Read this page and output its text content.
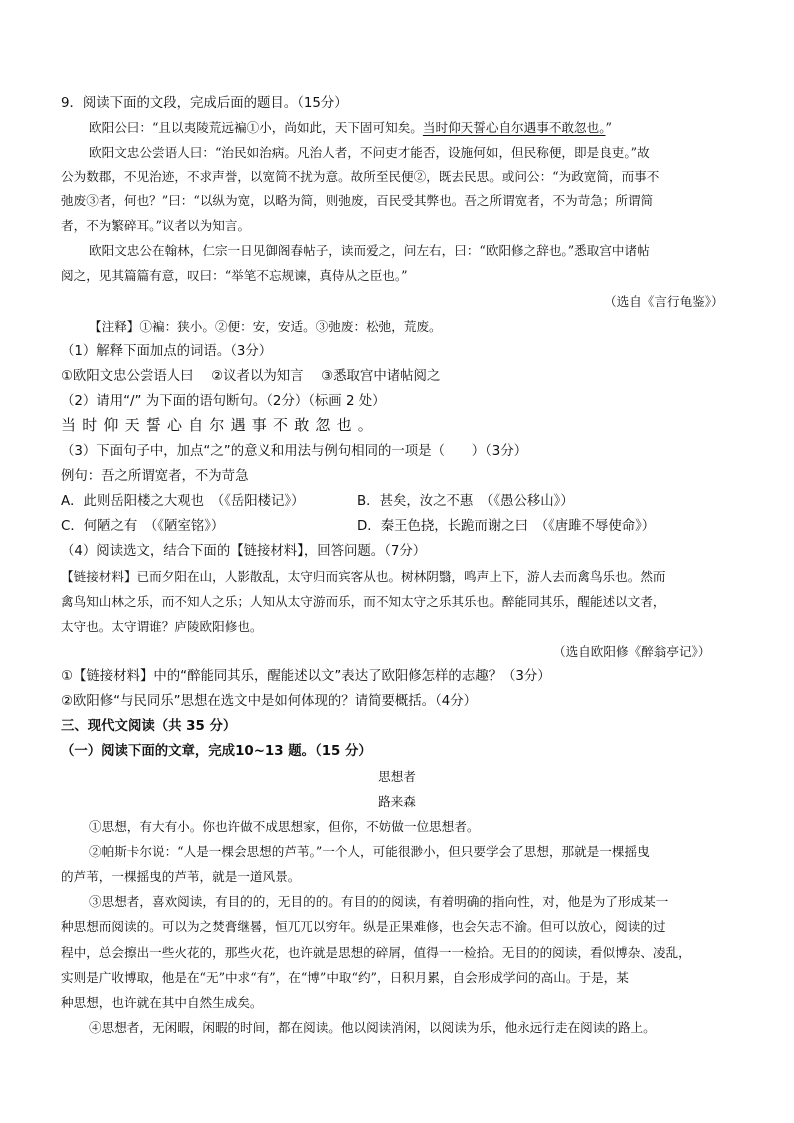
9．阅读下面的文段，完成后面的题目。（15分）
欧阳公曰：“且以夷陵荒远褊①小，尚如此，天下固可知矣。当时仰天誓心自尔遇事不敢忽也。”
欧阳文忠公尝语人曰：“治民如治病。凡治人者，不问吏才能否，设施何如，但民称便，即是良吏。”故
公为数郡，不见治迹，不求声誉，以宽简不扰为意。故所至民便②，既去民思。或问公：“为政宽简，而事不
弛废③者，何也？”曰：“以纵为宽，以略为简，则弛废，百民受其弊也。吾之所谓宽者，不为苛急；所谓简
者，不为繁碎耳。”议者以为知言。
欧阳文忠公在翰林，仁宗一日见御阁春帖子，读而爱之，问左右，曰：“欧阳修之辞也。”悉取宫中诸帖
阅之，见其篇篇有意，叹曰：“举笔不忘规谏，真侍从之臣也。”
（选自《言行龟鉴》）
【注释】①褊：狭小。②便：安，安适。③弛废：松弛，荒废。
（1）解释下面加点的词语。（3分）
①欧阳文忠公尝语人曰　 ②议者以为知言　 ③悉取宫中诸帖阅之
（2）请用“/” 为下面的语句断句。（2分）（标画 2 处）
当时仰天誓心自尔遇事不敢忽也。
（3）下面句子中，加点“之”的意义和用法与例句相同的一项是（　　）（3分）
例句：吾之所谓宽者，不为苛急
A．此则岳阳楼之大观也　（《岳阳楼记》）	B．甚矣，汝之不惠　（《愚公移山》）
C．何陋之有　（《陋室铭》）	D．秦王色挠，长跪而谢之曰　（《唐雎不辱使命》）
（4）阅读选文，结合下面的【链接材料】，回答问题。（7分）
【链接材料】已而夕阳在山，人影散乱，太守归而宾客从也。树林阴翳，鸣声上下，游人去而禽鸟乐也。然而
禽鸟知山林之乐，而不知人之乐；人知从太守游而乐，而不知太守之乐其乐也。醉能同其乐，醒能述以文者，
太守也。太守谓谁？庐陵欧阳修也。
（选自欧阳修《醉翁亭记》）
①【链接材料】中的“醉能同其乐，醒能述以文”表达了欧阳修怎样的志趣？（3分）
②欧阳修“与民同乐”思想在选文中是如何体现的？请简要概括。（4分）
三、现代文阅读（共 35 分）
（一）阅读下面的文章，完成10~13 题。（15 分）
思想者
路来森
①思想，有大有小。你也许做不成思想家，但你，不妨做一位思想者。
②帕斯卡尔说：“人是一棵会思想的芦苇。”一个人，可能很渺小，但只要学会了思想，那就是一棵摇曳
的芦苇，一棵摇曳的芦苇，就是一道风景。
③思想者，喜欢阅读，有目的的，无目的的。有目的的阅读，有着明确的指向性，对，他是为了形成某一
种思想而阅读的。可以为之焚膏继晷，恒兀兀以穷年。纵是正果难修，也会矢志不渝。但可以放心，阅读的过
程中，总会擦出一些火花的，那些火花，也许就是思想的碎屑，值得一一检拾。无目的的阅读，看似博杂、凌乱，
实则是广收博取，他是在“无”中求“有”，在“博”中取“约”，日积月累，自会形成学问的高山。于是，某
种思想，也许就在其中自然生成矣。
④思想者，无闲暇，闲暇的时间，都在阅读。他以阅读消闲，以阅读为乐，他永远行走在阅读的路上。
